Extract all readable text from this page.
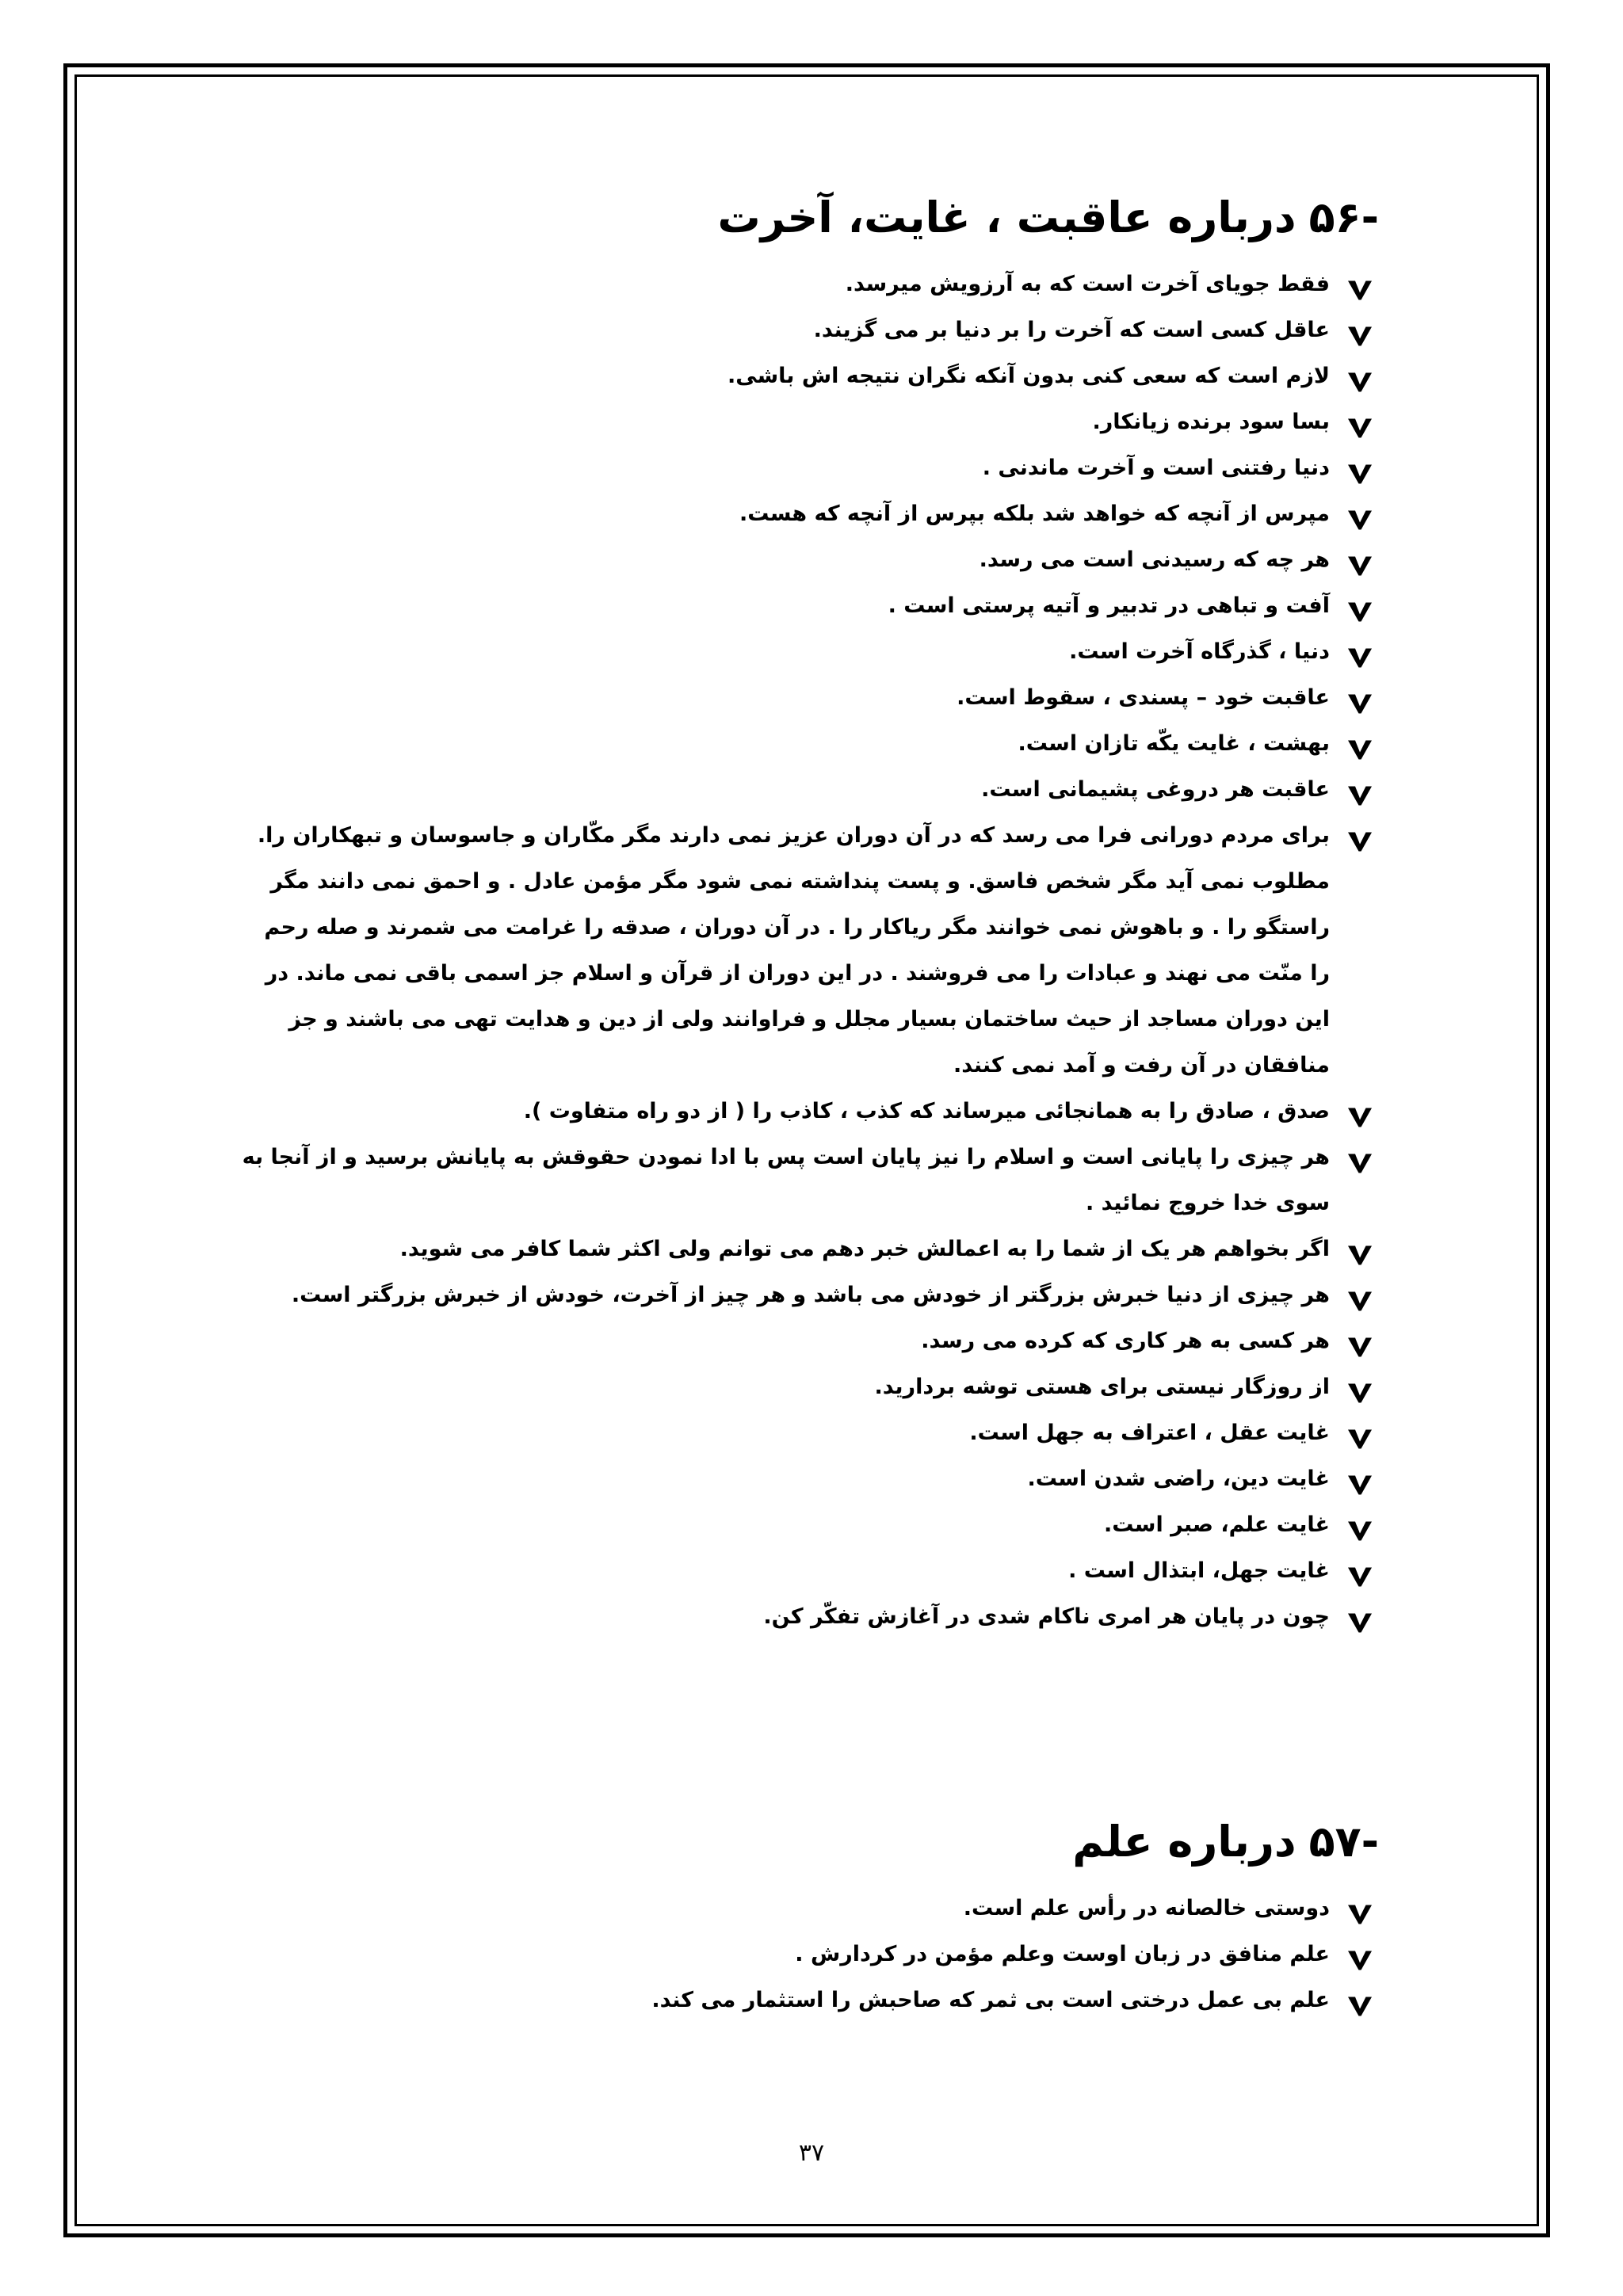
-۵۶درباره عاقبت ، غایت، آخرت
فقط جویای آخرت است که به آرزویش میرسد.
عاقل کسی است که آخرت را بر دنیا بر می گزیند.
لازم است که سعی کنی بدون آنکه نگران نتیجه اش باشی.
بسا سود برنده زیانکار.
دنیا رفتنی است و آخرت ماندنی .
مپرس از آنچه که خواهد شد بلکه بپرس از آنچه که هست.
هر چه که رسیدنی است می رسد.
آفت و تباهی در تدبیر و آتیه پرستی است .
دنیا ، گذرگاه آخرت است.
عاقبت خود – پسندی ، سقوط است.
بهشت ، غایت یکّه تازان است.
عاقبت هر دروغی پشیمانی است.
برای مردم دورانی فرا می رسد که در آن دوران عزیز نمی دارند مگر مکّاران و جاسوسان و تبهکاران را. مطلوب نمی آید مگر شخص فاسق. و پست پنداشته نمی شود مگر مؤمن عادل . و احمق نمی دانند مگر راستگو را . و باهوش نمی خوانند مگر ریاکار را . در آن دوران ، صدقه را غرامت می شمرند و صله رحم را منّت می نهند و عبادات را می فروشند . در این دوران از قرآن و اسلام جز اسمی باقی نمی ماند. در این دوران مساجد از حیث ساختمان بسیار مجلل و فراوانند ولی از دین و هدایت تهی می باشند و جز منافقان در آن رفت و آمد نمی کنند.
صدق ، صادق را به همانجائی میرساند که کذب ، کاذب را ( از دو راه متفاوت ).
هر چیزی را پایانی است و اسلام را نیز پایان است پس با ادا نمودن حقوقش به پایانش برسید و از آنجا به سوی خدا خروج نمائید .
اگر بخواهم هر یک از شما را به اعمالش خبر دهم می توانم ولی اکثر شما کافر می شوید.
هر چیزی از دنیا خبرش بزرگتر از خودش می باشد و هر چیز از آخرت، خودش از خبرش بزرگتر است.
هر کسی به هر کاری که کرده می رسد.
از روزگار نیستی برای هستی توشه بردارید.
غایت عقل ، اعتراف به جهل است.
غایت دین، راضی شدن است.
غایت علم، صبر است.
غایت جهل، ابتذال است .
چون در پایان هر امری ناکام شدی در آغازش تفکّر کن.
-۵۷درباره علم
دوستی خالصانه در رأس علم است.
علم منافق در زبان اوست وعلم مؤمن در کردارش .
علم بی عمل درختی است بی ثمر که صاحبش را استثمار می کند.
۳۷
